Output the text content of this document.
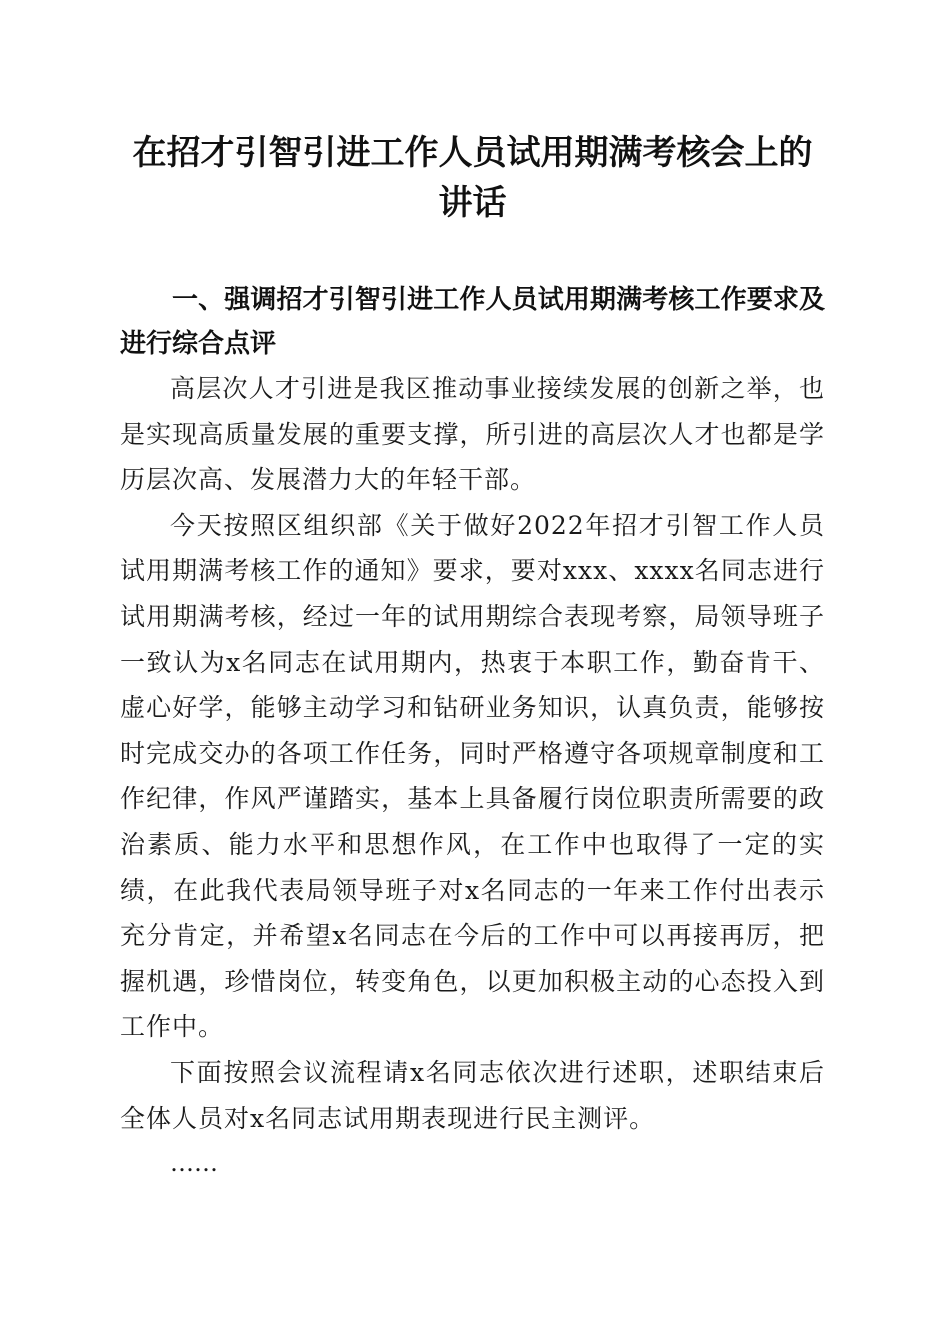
在招才引智引进工作人员试用期满考核会上的
讲话

一、强调招才引智引进工作人员试用期满考核工作要求及进行综合点评

高层次人才引进是我区推动事业接续发展的创新之举，也是实现高质量发展的重要支撑，所引进的高层次人才也都是学历层次高、发展潜力大的年轻干部。

今天按照区组织部《关于做好2022年招才引智工作人员试用期满考核工作的通知》要求，要对xxx、xxxx名同志进行试用期满考核，经过一年的试用期综合表现考察，局领导班子一致认为x名同志在试用期内，热衷于本职工作，勤奋肯干、虚心好学，能够主动学习和钻研业务知识，认真负责，能够按时完成交办的各项工作任务，同时严格遵守各项规章制度和工作纪律，作风严谨踏实，基本上具备履行岗位职责所需要的政治素质、能力水平和思想作风，在工作中也取得了一定的实绩，在此我代表局领导班子对x名同志的一年来工作付出表示充分肯定，并希望x名同志在今后的工作中可以再接再厉，把握机遇，珍惜岗位，转变角色，以更加积极主动的心态投入到工作中。

下面按照会议流程请x名同志依次进行述职，述职结束后全体人员对x名同志试用期表现进行民主测评。

……
